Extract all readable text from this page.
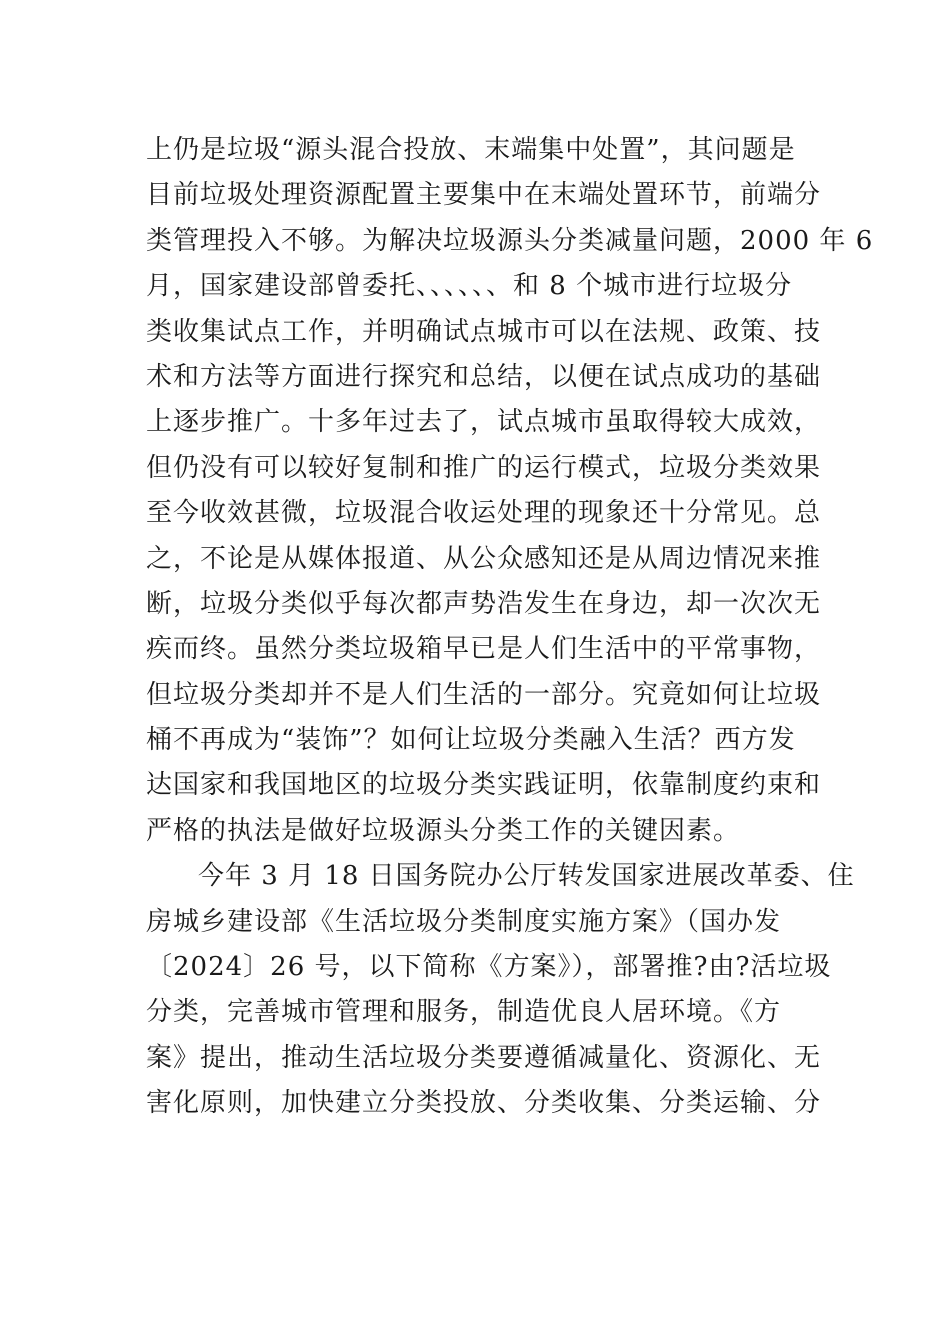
上仍是垃圾“源头混合投放、末端集中处置”，其问题是
目前垃圾处理资源配置主要集中在末端处置环节，前端分
类管理投入不够。为解决垃圾源头分类减量问题，2000 年 6
月，国家建设部曾委托、、、、、、和 8 个城市进行垃圾分
类收集试点工作，并明确试点城市可以在法规、政策、技
术和方法等方面进行探究和总结，以便在试点成功的基础
上逐步推广。十多年过去了，试点城市虽取得较大成效，
但仍没有可以较好复制和推广的运行模式，垃圾分类效果
至今收效甚微，垃圾混合收运处理的现象还十分常见。总
之，不论是从媒体报道、从公众感知还是从周边情况来推
断，垃圾分类似乎每次都声势浩发生在身边，却一次次无
疾而终。虽然分类垃圾箱早已是人们生活中的平常事物，
但垃圾分类却并不是人们生活的一部分。究竟如何让垃圾
桶不再成为“装饰”？如何让垃圾分类融入生活？西方发
达国家和我国地区的垃圾分类实践证明，依靠制度约束和
严格的执法是做好垃圾源头分类工作的关键因素。
今年 3 月 18 日国务院办公厅转发国家进展改革委、住
房城乡建设部《生活垃圾分类制度实施方案》（国办发
〔2024〕26 号，以下简称《方案》），部署推?由?活垃圾
分类，完善城市管理和服务，制造优良人居环境。《方
案》提出，推动生活垃圾分类要遵循减量化、资源化、无
害化原则，加快建立分类投放、分类收集、分类运输、分
